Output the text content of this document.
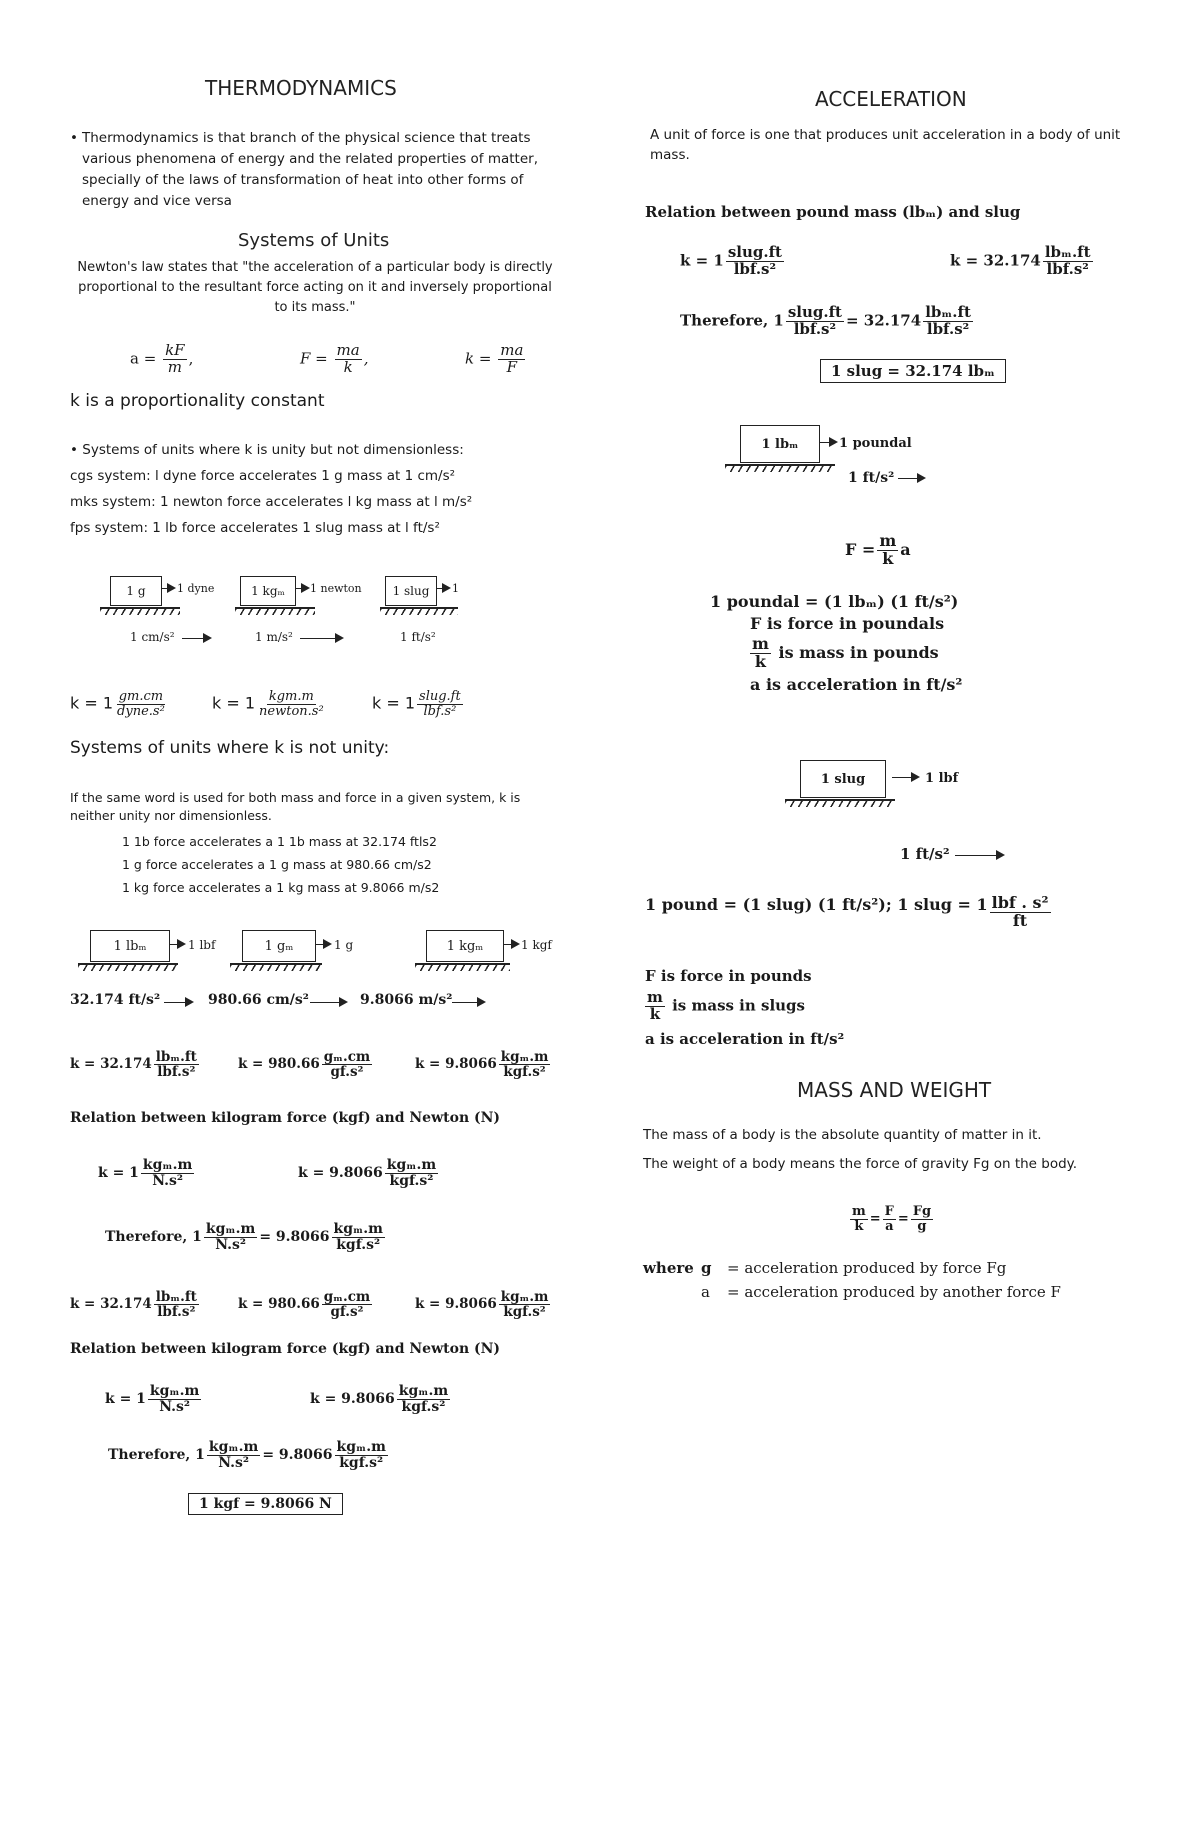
THERMODYNAMICS
• Thermodynamics is that branch of the physical science that treats various phenomena of energy and the related properties of matter, specially of the laws of transformation of heat into other forms of energy and vice versa
Systems of Units
Newton's law states that "the acceleration of a particular body is directly proportional to the resultant force acting on it and inversely proportional to its mass."
$a = \frac{kF}{m}$ ,	$F = \frac{ma}{k}$ ,	$k = \frac{ma}{F}$
k is a proportionality constant
• Systems of units where k is unity but not dimensionless:
cgs system: l dyne force accelerates 1 g mass at 1 cm/s²
mks system: 1 newton force accelerates l kg mass at l m/s²
fps system: 1 lb force accelerates 1 slug mass at l ft/s²
1 g	1 dyne
1 cm/s²
1 kgₘ	1 newton
1 m/s²
1 slug	1
1 ft/s²
$k = 1 \frac{gm.cm}{\text{dyne.s²}}$	$k = 1 \frac{\text{kgm.m}}{\text{newton.s²}}$	$k = 1 \frac{\text{slug.ft}}{\text{lbf.s²}}$
Systems of units where k is not unity:
If the same word is used for both mass and force in a given system, k is neither unity nor dimensionless.
1 1b force accelerates a 1 1b mass at 32.174 ftls2
1 g force accelerates a 1 g mass at 980.66 cm/s2
1 kg force accelerates a 1 kg mass at 9.8066 m/s2
1 lbₘ	1 lbf	1 gₘ	1 g	1 kgₘ	1 kgf
32.174 ft/s²	980.66 cm/s²	9.8066 m/s²
$k = 32.174 \frac{\text{lbₘ.ft}}{\text{lbf.s²}}$	$k = 980.66 \frac{\text{gₘ.cm}}{\text{gf.s²}}$	$k = 9.8066 \frac{\text{kgₘ.m}}{\text{kgf.s²}}$
Relation between kilogram force (kgf) and Newton (N)
$k = 1 \frac{\text{kgₘ.m}}{\text{N.s²}}$	$k = 9.8066 \frac{\text{kgₘ.m}}{\text{kgf.s²}}$
Therefore, $1 \frac{\text{kgₘ.m}}{\text{N.s²}} = 9.8066 \frac{\text{kgₘ.m}}{\text{kgf.s²}}$
$k = 32.174 \frac{\text{lbₘ.ft}}{\text{lbf.s²}}$	$k = 980.66 \frac{\text{gₘ.cm}}{\text{gf.s²}}$	$k = 9.8066 \frac{\text{kgₘ.m}}{\text{kgf.s²}}$
Relation between kilogram force (kgf) and Newton (N)
$k = 1 \frac{\text{kgₘ.m}}{\text{N.s²}}$	$k = 9.8066 \frac{\text{kgₘ.m}}{\text{kgf.s²}}$
Therefore, $1 \frac{\text{kgₘ.m}}{\text{N.s²}} = 9.8066 \frac{\text{kgₘ.m}}{\text{kgf.s²}}$
1 kgf = 9.8066 N
ACCELERATION
A unit of force is one that produces unit acceleration in a body of unit mass.
Relation between pound mass (lbₘ) and slug
$k = 1 \frac{\text{slug.ft}}{\text{lbf.s²}}$	$k = 32.174 \frac{\text{lbₘ.ft}}{\text{lbf.s²}}$
Therefore, $1 \frac{\text{slug.ft}}{\text{lbf.s²}} = 32.174 \frac{\text{lbₘ.ft}}{\text{lbf.s²}}$
1 slug = 32.174 lbₘ
1 lbₘ	1 poundal
1 ft/s²
$F = \frac{m}{k}$ a
1 poundal = (1 lbₘ) (1 ft/s²)
F is force in poundals
$\frac{m}{k}$ is mass in pounds
a is acceleration in ft/s²
1 slug	1 lbf
1 ft/s²
1 pound = (1 slug) (1 ft/s²); 1 slug = $1 \frac{\text{lbf . s²}}{ft}$
F is force in pounds
$\frac{m}{k}$ is mass in slugs
a is acceleration in ft/s²
MASS AND WEIGHT
The mass of a body is the absolute quantity of matter in it.
The weight of a body means the force of gravity Fg on the body.
$\frac{m}{k} = \frac{F}{a} = \frac{Fg}{g}$
where g	= acceleration produced by force Fg
a	= acceleration produced by another force F
